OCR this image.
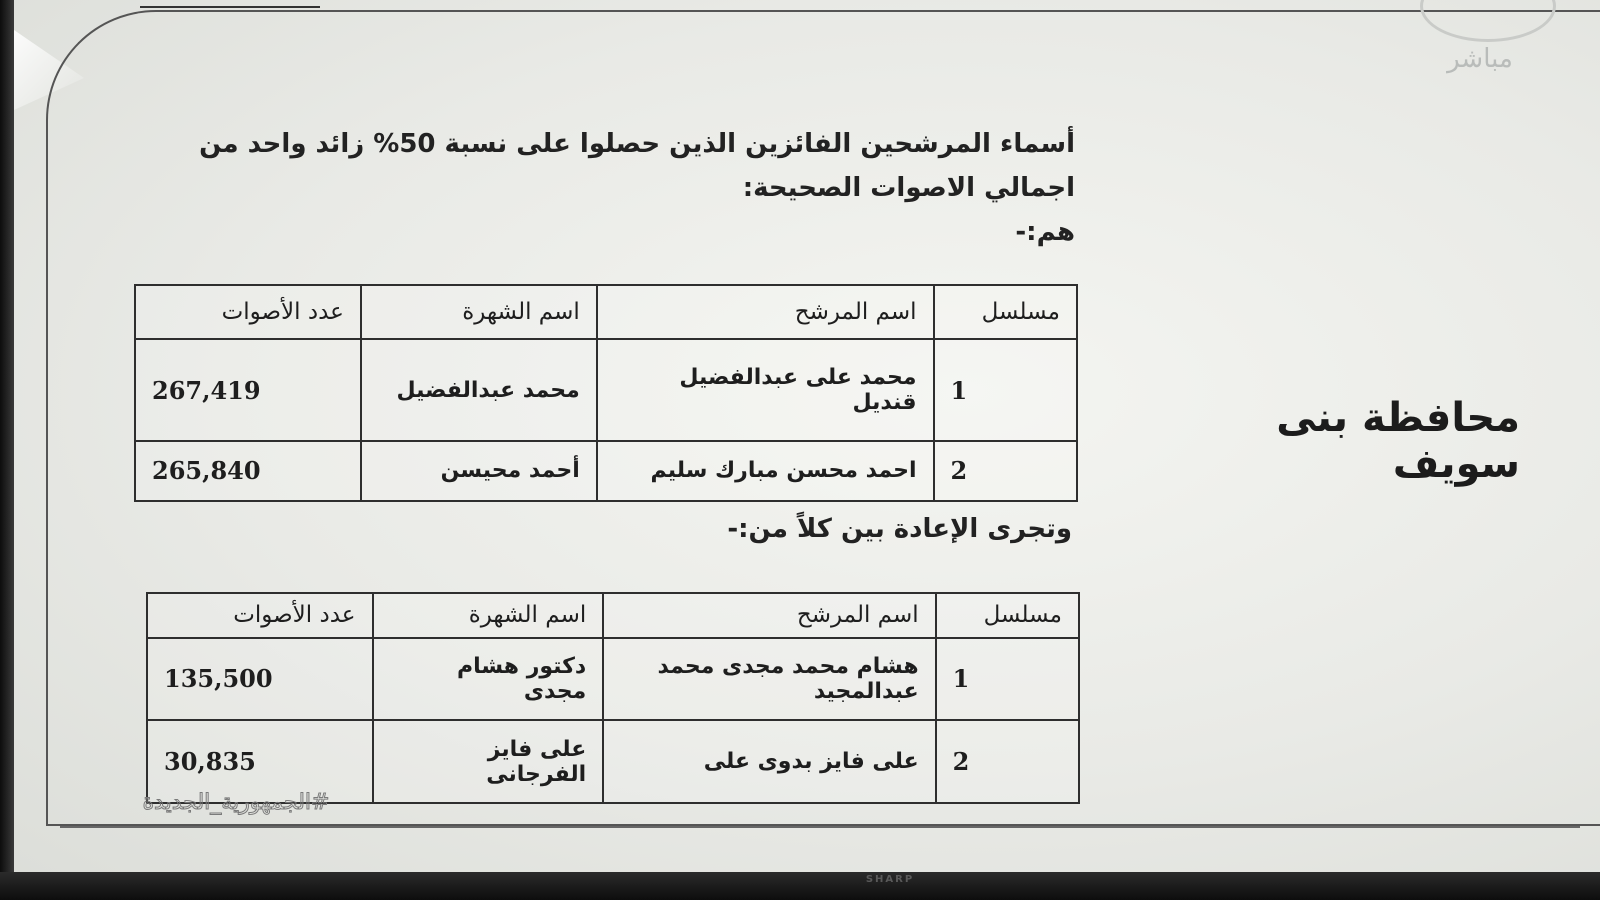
مباشر
أسماء المرشحين الفائزين الذين حصلوا على نسبة 50% زائد واحد من
اجمالي الاصوات الصحيحة:
هم:-
محافظة بنى سويف
مسلسل	اسم المرشح	اسم الشهرة	عدد الأصوات
1	محمد على عبدالفضيل قنديل	محمد عبدالفضيل	267,419
2	احمد محسن مبارك سليم	أحمد محيسن	265,840
وتجرى الإعادة بين كلاً من:-
مسلسل	اسم المرشح	اسم الشهرة	عدد الأصوات
1	هشام محمد مجدى محمد عبدالمجيد	دكتور هشام مجدى	135,500
2	على فايز بدوى على	على فايز الفرجانى	30,835
#الجمهورية_الجديدة
SHARP
